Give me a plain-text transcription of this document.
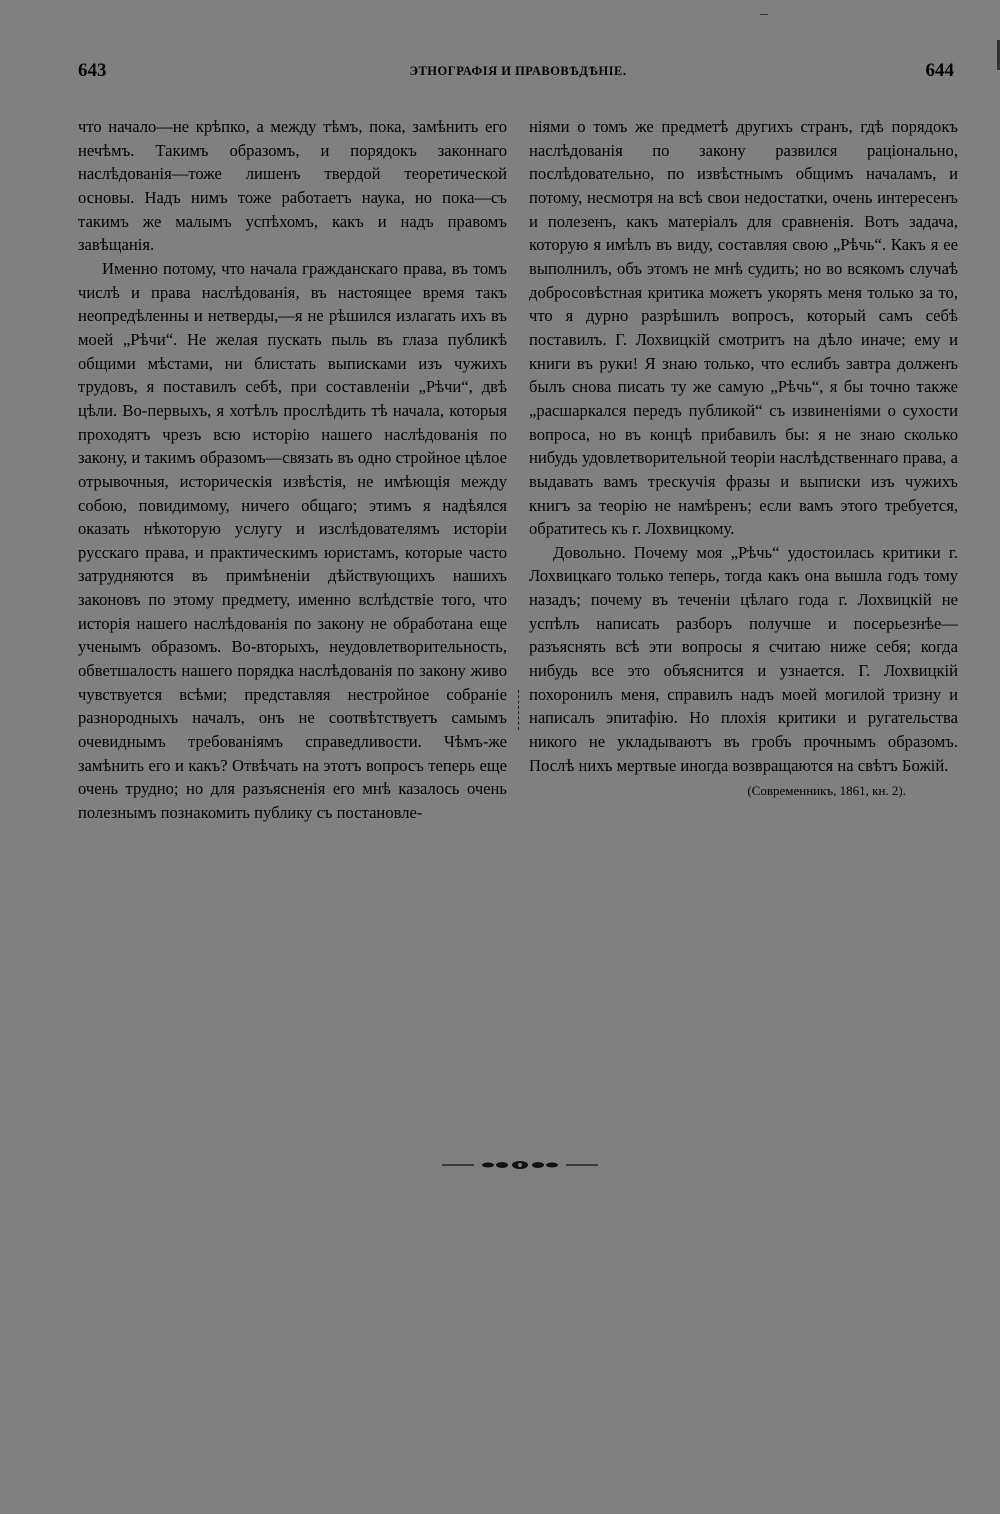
643	ЭТНОГРАФІЯ И ПРАВОВѢДѢНІЕ.	644

что начало—не крѣпко, а между тѣмъ, пока, замѣнить его нечѣмъ. Такимъ образомъ, и порядокъ законнаго наслѣдованія—тоже лишенъ твердой теоретической основы. Надъ нимъ тоже работаетъ наука, но пока—съ такимъ же малымъ успѣхомъ, какъ и надъ правомъ завѣщанія.

Именно потому, что начала гражданскаго права, въ томъ числѣ и права наслѣдованія, въ настоящее время такъ неопредѣленны и нетверды,—я не рѣшился излагать ихъ въ моей „Рѣчи“. Не желая пускать пыль въ глаза публикѣ общими мѣстами, ни блистать выписками изъ чужихъ трудовъ, я поставилъ себѣ, при составленіи „Рѣчи“, двѣ цѣли. Во-первыхъ, я хотѣлъ прослѣдить тѣ начала, которыя проходятъ чрезъ всю исторію нашего наслѣдованія по закону, и такимъ образомъ—связать въ одно стройное цѣлое отрывочныя, историческія извѣстія, не имѣющія между собою, повидимому, ничего общаго; этимъ я надѣялся оказать нѣкоторую услугу и изслѣдователямъ исторіи русскаго права, и практическимъ юристамъ, которые часто затрудняются въ примѣненіи дѣйствующихъ нашихъ законовъ по этому предмету, именно вслѣдствіе того, что исторія нашего наслѣдованія по закону не обработана еще ученымъ образомъ. Во-вторыхъ, неудовлетворительность, обветшалость нашего порядка наслѣдованія по закону живо чувствуется всѣми; представляя нестройное собраніе разнородныхъ началъ, онъ не соотвѣтствуетъ самымъ очевиднымъ требованіямъ справедливости. Чѣмъ-же замѣнить его и какъ? Отвѣчать на этотъ вопросъ теперь еще очень трудно; но для разъясненія его мнѣ казалось очень полезнымъ познакомить публику съ постановле-

ніями о томъ же предметѣ другихъ странъ, гдѣ порядокъ наслѣдованія по закону развился раціонально, послѣдовательно, по извѣстнымъ общимъ началамъ, и потому, несмотря на всѣ свои недостатки, очень интересенъ и полезенъ, какъ матеріалъ для сравненія. Вотъ задача, которую я имѣлъ въ виду, составляя свою „Рѣчь“. Какъ я ее выполнилъ, объ этомъ не мнѣ судить; но во всякомъ случаѣ добросовѣстная критика можетъ укорять меня только за то, что я дурно разрѣшилъ вопросъ, который самъ себѣ поставилъ. Г. Лохвицкій смотритъ на дѣло иначе; ему и книги въ руки! Я знаю только, что еслибъ завтра долженъ былъ снова писать ту же самую „Рѣчь“, я бы точно также „расшаркался передъ публикой“ съ извиненіями о сухости вопроса, но въ концѣ прибавилъ бы: я не знаю сколько нибудь удовлетворительной теоріи наслѣдственнаго права, а выдавать вамъ трескучія фразы и выписки изъ чужихъ книгъ за теорію не намѣренъ; если вамъ этого требуется, обратитесь къ г. Лохвицкому.

Довольно. Почему моя „Рѣчь“ удостоилась критики г. Лохвицкаго только теперь, тогда какъ она вышла годъ тому назадъ; почему въ теченіи цѣлаго года г. Лохвицкій не успѣлъ написать разборъ получше и посерьезнѣе—разъяснять всѣ эти вопросы я считаю ниже себя; когда нибудь все это объяснится и узнается. Г. Лохвицкій похоронилъ меня, справилъ надъ моей могилой тризну и написалъ эпитафію. Но плохія критики и ругательства никого не укладываютъ въ гробъ прочнымъ образомъ. Послѣ нихъ мертвые иногда возвращаются на свѣтъ Божій.

(Современникъ, 1861, кн. 2).
